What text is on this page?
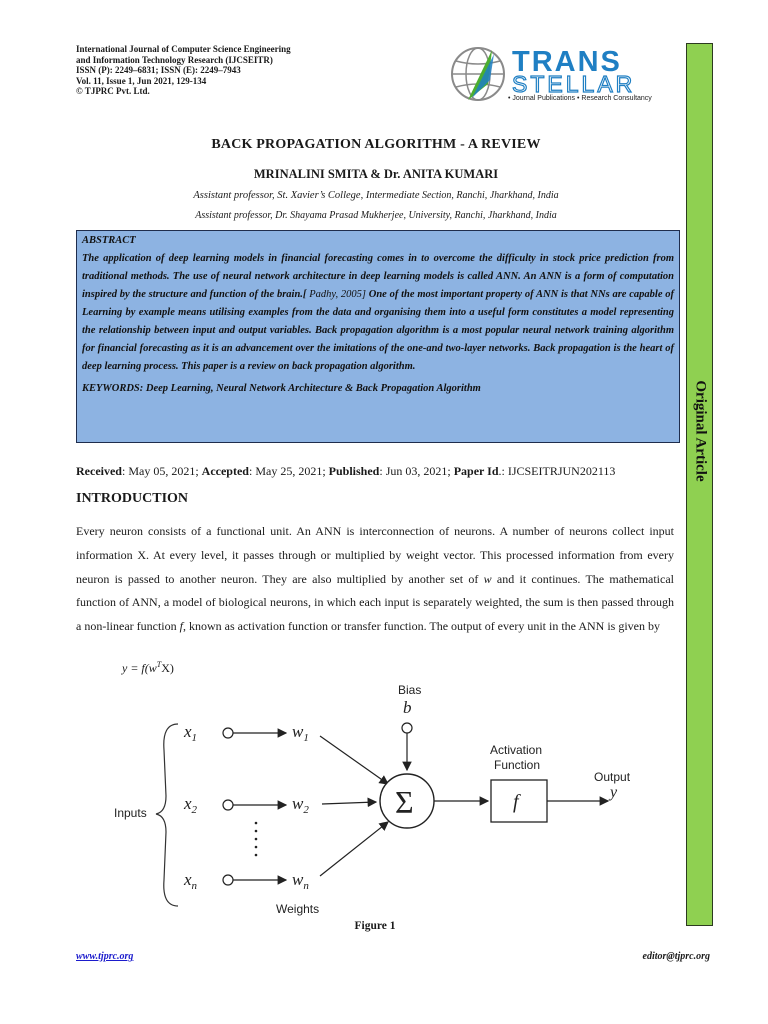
International Journal of Computer Science Engineering
and Information Technology Research (IJCSEITR)
ISSN (P): 2249–6831; ISSN (E): 2249–7943
Vol. 11, Issue 1, Jun 2021, 129-134
© TJPRC Pvt. Ltd.
TRANS
STELLAR
• Journal Publications • Research Consultancy
Original Article
BACK PROPAGATION ALGORITHM - A REVIEW
MRINALINI SMITA & Dr. ANITA KUMARI
Assistant professor, St. Xavier’s College, Intermediate Section, Ranchi, Jharkhand, India
Assistant professor, Dr. Shayama Prasad Mukherjee, University, Ranchi, Jharkhand, India
ABSTRACT
The application of deep learning models in financial forecasting comes in to overcome the difficulty in stock price prediction from traditional methods. The use of neural network architecture in deep learning models is called ANN. An ANN is a form of computation inspired by the structure and function of the brain.[ Padhy, 2005] One of the most important property of ANN is that NNs are capable of Learning by example means utilising examples from the data and organising them into a useful form constitutes a model representing the relationship between input and output variables. Back propagation algorithm is a most popular neural network training algorithm for financial forecasting as it is an advancement over the imitations of the one-and two-layer networks. Back propagation is the heart of deep learning process. This paper is a review on back propagation algorithm.
KEYWORDS: Deep Learning, Neural Network Architecture & Back Propagation Algorithm
Received: May 05, 2021; Accepted: May 25, 2021; Published: Jun 03, 2021; Paper Id.: IJCSEITRJUN202113
INTRODUCTION
Every neuron consists of a functional unit. An ANN is interconnection of neurons. A number of neurons collect input information X. At every level, it passes through or multiplied by weight vector. This processed information from every neuron is passed to another neuron. They are also multiplied by another set of w and it continues. The mathematical function of ANN, a model of biological neurons, in which each input is separately weighted, the sum is then passed through a non-linear function f, known as activation function or transfer function. The output of every unit in the ANN is given by
$y = f(w^TX)$
Inputs
$x_1$
$x_2$
$x_n$
$w_1$
$w_2$
$w_n$
Weights
Bias
b
Σ
Activation
Function
f
Output
y
Figure 1
www.tjprc.org	editor@tjprc.org
